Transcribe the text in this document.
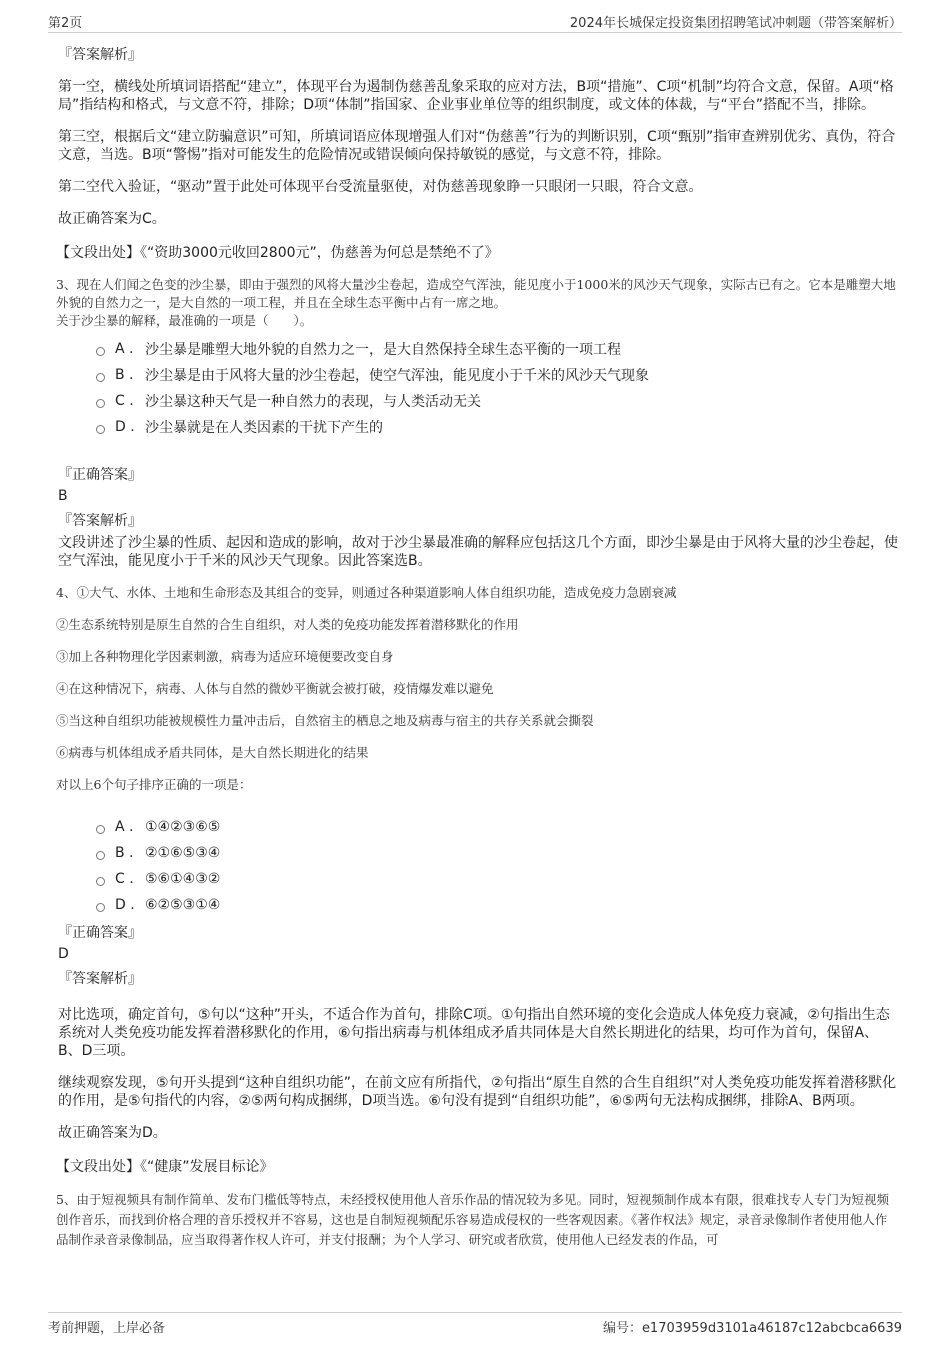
第2页	2024年长城保定投资集团招聘笔试冲刺题（带答案解析）
『答案解析』
第一空，横线处所填词语搭配“建立”，体现平台为遏制伪慈善乱象采取的应对方法，B项“措施”、C项“机制”均符合文意，保留。A项“格局”指结构和格式，与文意不符，排除；D项“体制”指国家、企业事业单位等的组织制度，或文体的体裁，与“平台”搭配不当，排除。
第三空，根据后文“建立防骗意识”可知，所填词语应体现增强人们对“伪慈善”行为的判断识别，C项“甄别”指审查辨别优劣、真伪，符合文意，当选。B项“警惕”指对可能发生的危险情况或错误倾向保持敏锐的感觉，与文意不符，排除。
第二空代入验证，“驱动”置于此处可体现平台受流量驱使，对伪慈善现象睁一只眼闭一只眼，符合文意。
故正确答案为C。
【文段出处】《“资助3000元收回2800元”，伪慈善为何总是禁绝不了》
3、现在人们闻之色变的沙尘暴，即由于强烈的风将大量沙尘卷起，造成空气浑浊，能见度小于1000米的风沙天气现象，实际古已有之。它本是雕塑大地外貌的自然力之一，是大自然的一项工程，并且在全球生态平衡中占有一席之地。
关于沙尘暴的解释，最准确的一项是（　　）。
A . 沙尘暴是雕塑大地外貌的自然力之一，是大自然保持全球生态平衡的一项工程
B . 沙尘暴是由于风将大量的沙尘卷起，使空气浑浊，能见度小于千米的风沙天气现象
C . 沙尘暴这种天气是一种自然力的表现，与人类活动无关
D . 沙尘暴就是在人类因素的干扰下产生的
『正确答案』
B
『答案解析』
文段讲述了沙尘暴的性质、起因和造成的影响，故对于沙尘暴最准确的解释应包括这几个方面，即沙尘暴是由于风将大量的沙尘卷起，使空气浑浊，能见度小于千米的风沙天气现象。因此答案选B。
4、①大气、水体、土地和生命形态及其组合的变异，则通过各种渠道影响人体自组织功能，造成免疫力急剧衰减
②生态系统特别是原生自然的合生自组织，对人类的免疫功能发挥着潜移默化的作用
③加上各种物理化学因素刺激，病毒为适应环境便要改变自身
④在这种情况下，病毒、人体与自然的微妙平衡就会被打破，疫情爆发难以避免
⑤当这种自组织功能被规模性力量冲击后，自然宿主的栖息之地及病毒与宿主的共存关系就会撕裂
⑥病毒与机体组成矛盾共同体，是大自然长期进化的结果
对以上6个句子排序正确的一项是：
A . ①④②③⑥⑤
B . ②①⑥⑤③④
C . ⑤⑥①④③②
D . ⑥②⑤③①④
『正确答案』
D
『答案解析』
对比选项，确定首句，⑤句以“这种”开头，不适合作为首句，排除C项。①句指出自然环境的变化会造成人体免疫力衰减，②句指出生态系统对人类免疫功能发挥着潜移默化的作用，⑥句指出病毒与机体组成矛盾共同体是大自然长期进化的结果，均可作为首句，保留A、B、D三项。
继续观察发现，⑤句开头提到“这种自组织功能”，在前文应有所指代，②句指出“原生自然的合生自组织”对人类免疫功能发挥着潜移默化的作用，是⑤句指代的内容，②⑤两句构成捆绑，D项当选。⑥句没有提到“自组织功能”，⑥⑤两句无法构成捆绑，排除A、B两项。
故正确答案为D。
【文段出处】《“健康”发展目标论》
5、由于短视频具有制作简单、发布门槛低等特点，未经授权使用他人音乐作品的情况较为多见。同时，短视频制作成本有限，很难找专人专门为短视频创作音乐，而找到价格合理的音乐授权并不容易，这也是自制短视频配乐容易造成侵权的一些客观因素。《著作权法》规定，录音录像制作者使用他人作品制作录音录像制品，应当取得著作权人许可，并支付报酬；为个人学习、研究或者欣赏，使用他人已经发表的作品，可
考前押题，上岸必备	编号：e1703959d3101a46187c12abcbca6639
